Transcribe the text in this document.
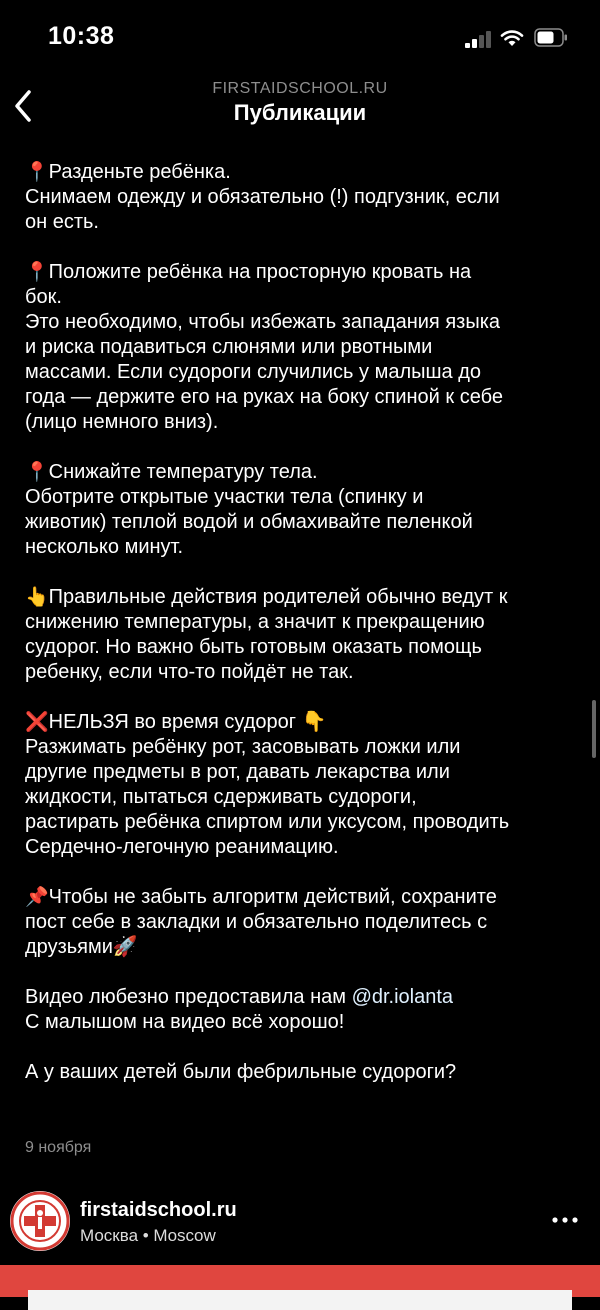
10:38
FIRSTAIDSCHOOL.RU
Публикации

📍Разденьте ребёнка.

Снимаем одежду и обязательно (!) подгузник, если

он есть.

📍Положите ребёнка на просторную кровать на

бок.

Это необходимо, чтобы избежать западания языка

и риска подавиться слюнями или рвотными

массами. Если судороги случились у малыша до

года — держите его на руках на боку спиной к себе

(лицо немного вниз).

📍Снижайте температуру тела.

Оботрите открытые участки тела (спинку и

животик) теплой водой и обмахивайте пеленкой

несколько минут.

👆Правильные действия родителей обычно ведут к

снижению температуры, а значит к прекращению

судорог. Но важно быть готовым оказать помощь

ребенку, если что-то пойдёт не так.

❌НЕЛЬЗЯ во время судорог 👇

Разжимать ребёнку рот, засовывать ложки или

другие предметы в рот, давать лекарства или

жидкости, пытаться сдерживать судороги,

растирать ребёнка спиртом или уксусом, проводить

Сердечно-легочную реанимацию.

📌Чтобы не забыть алгоритм действий, сохраните

пост себе в закладки и обязательно поделитесь с

друзьями🚀

Видео любезно предоставила нам @dr.iolanta

С малышом на видео всё хорошо!

А у ваших детей были фебрильные судороги?

9 ноября
firstaidschool.ru
Москва • Moscow
